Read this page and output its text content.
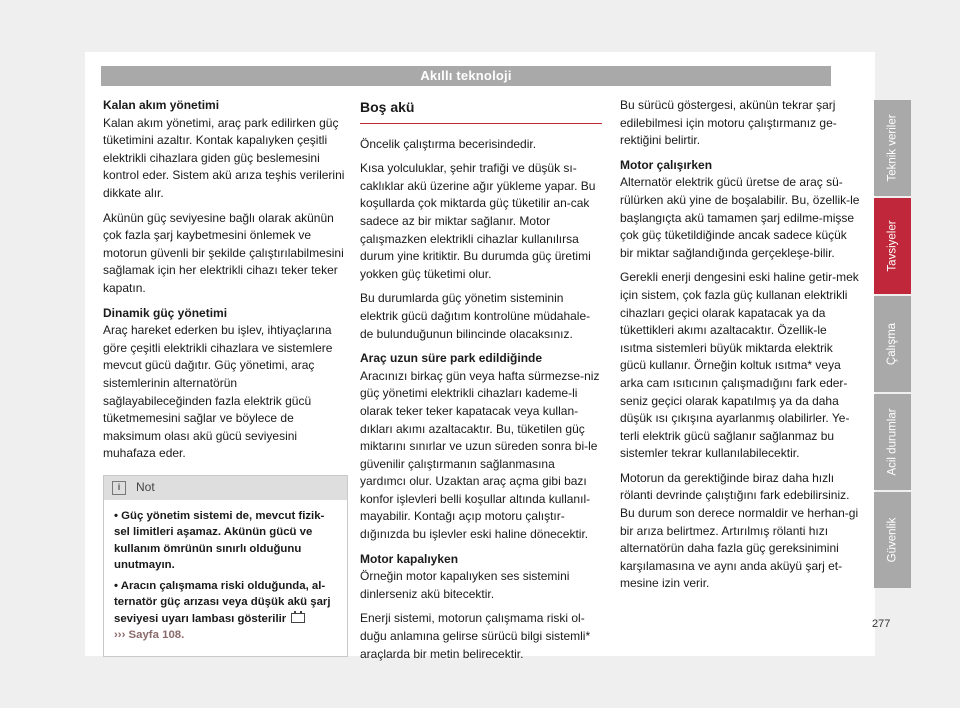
Akıllı teknoloji
Kalan akım yönetimi

Kalan akım yönetimi, araç park edilirken güç tüketimini azaltır. Kontak kapalıyken çeşitli elektrikli cihazlara giden güç beslemesini kontrol eder. Sistem akü arıza teşhis verilerini dikkate alır.

Akünün güç seviyesine bağlı olarak akünün çok fazla şarj kaybetmesini önlemek ve motorun güvenli bir şekilde çalıştırılabilmesini sağlamak için her elektrikli cihazı teker teker kapatın.

Dinamik güç yönetimi

Araç hareket ederken bu işlev, ihtiyaçlarına göre çeşitli elektrikli cihazlara ve sistemlere mevcut gücü dağıtır. Güç yönetimi, araç sistemlerinin alternatörün sağlayabileceğinden fazla elektrik gücü tüketmemesini sağlar ve böylece de maksimum olası akü gücü seviyesini muhafaza eder.

i	Not

• Güç yönetim sistemi de, mevcut fizik-sel limitleri aşamaz. Akünün gücü ve kullanım ömrünün sınırlı olduğunu unutmayın.

• Aracın çalışmama riski olduğunda, al-ternatör güç arızası veya düşük akü şarj seviyesi uyarı lambası gösterilir
››› Sayfa 108.

Boş akü

Öncelik çalıştırma becerisindedir.

Kısa yolculuklar, şehir trafiği ve düşük sı-caklıklar akü üzerine ağır yükleme yapar. Bu koşullarda çok miktarda güç tüketilir an-cak sadece az bir miktar sağlanır. Motor çalışmazken elektrikli cihazlar kullanılırsa durum yine kritiktir. Bu durumda güç üretimi yokken güç tüketimi olur.

Bu durumlarda güç yönetim sisteminin elektrik gücü dağıtım kontrolüne müdahale-de bulunduğunun bilincinde olacaksınız.

Araç uzun süre park edildiğinde

Aracınızı birkaç gün veya hafta sürmezse-niz güç yönetimi elektrikli cihazları kademe-li olarak teker teker kapatacak veya kullan-dıkları akımı azaltacaktır. Bu, tüketilen güç miktarını sınırlar ve uzun süreden sonra bi-le güvenilir çalıştırmanın sağlanmasına yardımcı olur. Uzaktan araç açma gibi bazı konfor işlevleri belli koşullar altında kullanıl-mayabilir. Kontağı açıp motoru çalıştır-dığınızda bu işlevler eski haline dönecektir.

Motor kapalıyken

Örneğin motor kapalıyken ses sistemini dinlerseniz akü bitecektir.

Enerji sistemi, motorun çalışmama riski ol-duğu anlamına gelirse sürücü bilgi sistemli* araçlarda bir metin belirecektir.

Bu sürücü göstergesi, akünün tekrar şarj edilebilmesi için motoru çalıştırmanız ge-rektiğini belirtir.

Motor çalışırken

Alternatör elektrik gücü üretse de araç sü-rülürken akü yine de boşalabilir. Bu, özellik-le başlangıçta akü tamamen şarj edilme-mişse çok güç tüketildiğinde ancak sadece küçük bir miktar sağlandığında gerçekleşe-bilir.

Gerekli enerji dengesini eski haline getir-mek için sistem, çok fazla güç kullanan elektrikli cihazları geçici olarak kapatacak ya da tükettikleri akımı azaltacaktır. Özellik-le ısıtma sistemleri büyük miktarda elektrik gücü kullanır. Örneğin koltuk ısıtma* veya arka cam ısıtıcının çalışmadığını fark eder-seniz geçici olarak kapatılmış ya da daha düşük ısı çıkışına ayarlanmış olabilirler. Ye-terli elektrik gücü sağlanır sağlanmaz bu sistemler tekrar kullanılabilecektir.

Motorun da gerektiğinde biraz daha hızlı rölanti devrinde çalıştığını fark edebilirsiniz. Bu durum son derece normaldir ve herhan-gi bir arıza belirtmez. Artırılmış rölanti hızı alternatörün daha fazla güç gereksinimini karşılamasına ve aynı anda aküyü şarj et-mesine izin verir.

Teknik veriler
Tavsiyeler
Çalışma
Acil durumlar
Güvenlik
277
